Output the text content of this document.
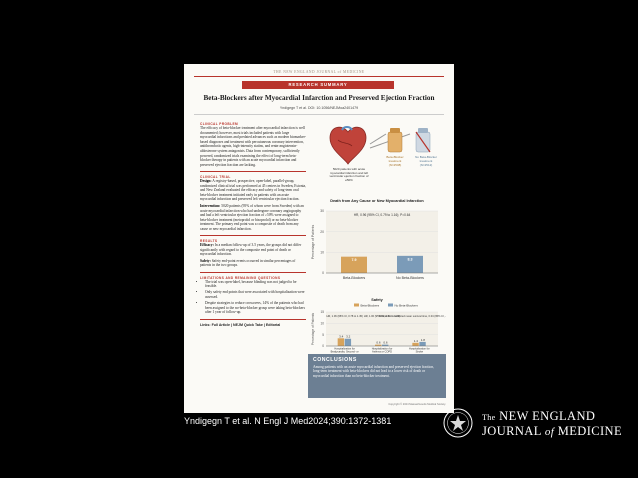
THE NEW ENGLAND JOURNAL of MEDICINE
RESEARCH SUMMARY
Beta-Blockers after Myocardial Infarction and Preserved Ejection Fraction
Yndigegn T et al. DOI: 10.1056/NEJMoa2401479
CLINICAL PROBLEM

The efficacy of beta-blocker treatment after myocardial infarction is well documented; however, most trials included patients with large myocardial infarctions and predated advances such as modern biomarker-based diagnoses and treatment with percutaneous coronary intervention, antithrombotic agents, high-intensity statins, and renin-angiotensin-aldosterone system antagonists. Data from contemporary, sufficiently powered, randomized trials examining the effect of long-term beta-blocker therapy in patients with an acute myocardial infarction and preserved ejection fraction are lacking.

CLINICAL TRIAL

Design: A registry-based, prospective, open-label, parallel-group, randomized clinical trial was performed at 45 centers in Sweden, Estonia, and New Zealand evaluated the efficacy and safety of long-term oral beta-blocker treatment initiated early in patients with an acute myocardial infarction and preserved left ventricular ejection fraction.

Intervention: 5020 patients (95% of whom were from Sweden) with an acute myocardial infarction who had undergone coronary angiography and had a left ventricular ejection fraction of ≥50% were assigned to beta-blocker treatment (metoprolol or bisoprolol) or no beta-blocker treatment. The primary end point was a composite of death from any cause or new myocardial infarction.

RESULTS

Efficacy: In a median follow-up of 3.5 years, the groups did not differ significantly with regard to the composite end point of death or myocardial infarction.

Safety: Safety end-point events occurred in similar percentages of patients in the two groups.

LIMITATIONS AND REMAINING QUESTIONS
• The trial was open-label, because blinding was not judged to be feasible.
• Only safety end points that were associated with hospitalization were assessed.
• Despite strategies to reduce crossovers, 14% of the patients who had been assigned to the no-beta-blocker group were taking beta-blockers after 1 year of follow-up.
Links: Full Article | NEJM Quick Take | Editorial
5020 patients with acute myocardial infarction and left ventricular ejection fraction of ≥50%
Beta-Blocker treatment
(N=2508)
No Beta-Blocker treatment
(N=2512)
Death from Any Cause or New Myocardial Infarction
0
10
20
30
Percentage of Patients
HR, 0.96 (95% CI, 0.79 to 1.16); P=0.64
7.9
Beta-Blockers
8.3
No Beta-Blockers
Safety
Beta-Blockers	No Beta-Blockers
0
5
10
15
Percentage of Patients	HR, 1.06 (95% CI, 0.78 to 1.45)
3.4 3.2
HR, 1.00 (95% CI, 0.56 to 1.80)
0.6 0.6
Difference in restricted mean survival time, 0.04 (95% CI,
1.4 1.8
Hospitalization for Bradycardia, Second- or
Hospitalization for Asthma or COPD
Hospitalization for Stroke
CONCLUSIONS
Among patients with an acute myocardial infarction and preserved ejection fraction, long-term treatment with beta-blockers did not lead to a lower risk of death or myocardial infarction than no beta-blocker treatment.
Copyright © 2024 Massachusetts Medical Society.
Yndigegn T et al. N Engl J Med2024;390:1372-1381	The NEW ENGLAND
JOURNAL of MEDICINE
